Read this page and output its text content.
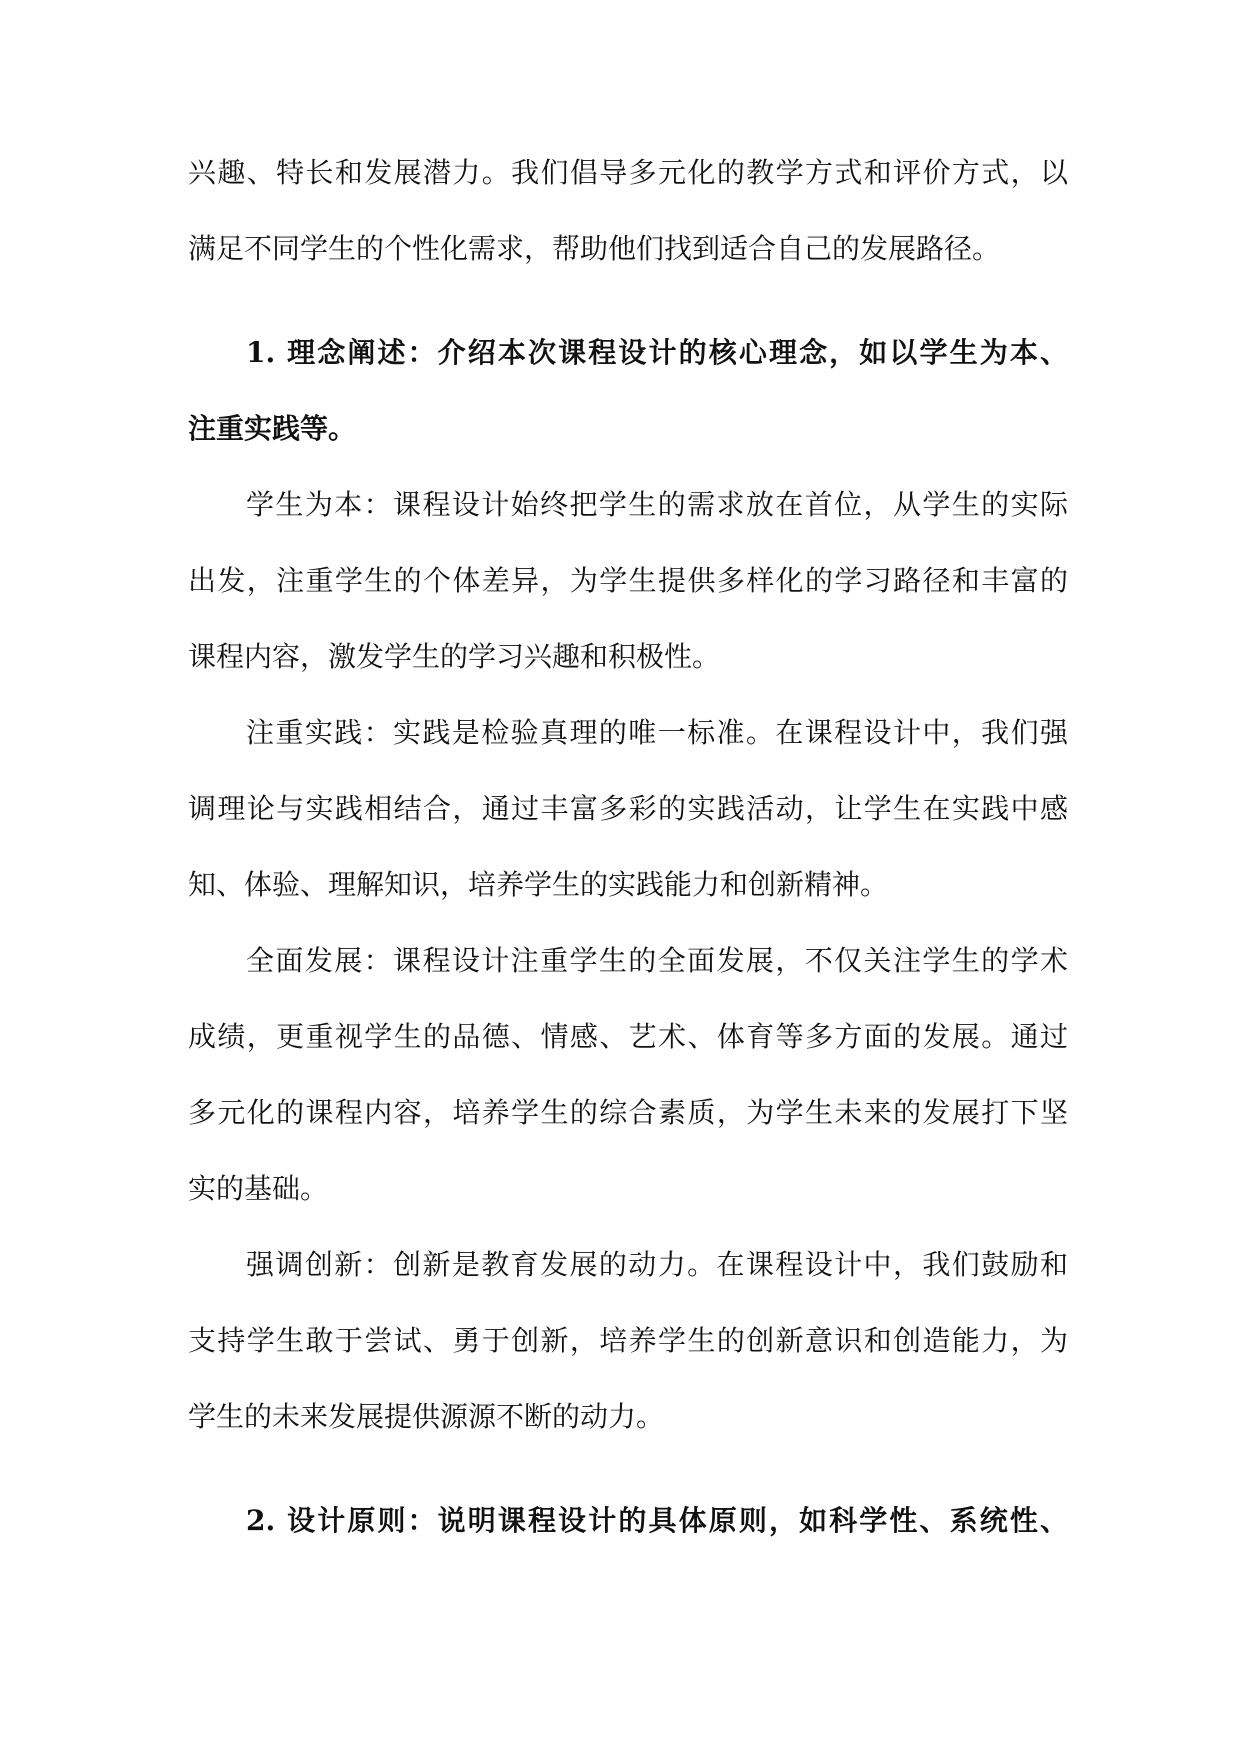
兴趣、特长和发展潜力。我们倡导多元化的教学方式和评价方式，以
满足不同学生的个性化需求，帮助他们找到适合自己的发展路径。
1. 理念阐述：介绍本次课程设计的核心理念，如以学生为本、
注重实践等。
学生为本：课程设计始终把学生的需求放在首位，从学生的实际
出发，注重学生的个体差异，为学生提供多样化的学习路径和丰富的
课程内容，激发学生的学习兴趣和积极性。
注重实践：实践是检验真理的唯一标准。在课程设计中，我们强
调理论与实践相结合，通过丰富多彩的实践活动，让学生在实践中感
知、体验、理解知识，培养学生的实践能力和创新精神。
全面发展：课程设计注重学生的全面发展，不仅关注学生的学术
成绩，更重视学生的品德、情感、艺术、体育等多方面的发展。通过
多元化的课程内容，培养学生的综合素质，为学生未来的发展打下坚
实的基础。
强调创新：创新是教育发展的动力。在课程设计中，我们鼓励和
支持学生敢于尝试、勇于创新，培养学生的创新意识和创造能力，为
学生的未来发展提供源源不断的动力。
2. 设计原则：说明课程设计的具体原则，如科学性、系统性、
